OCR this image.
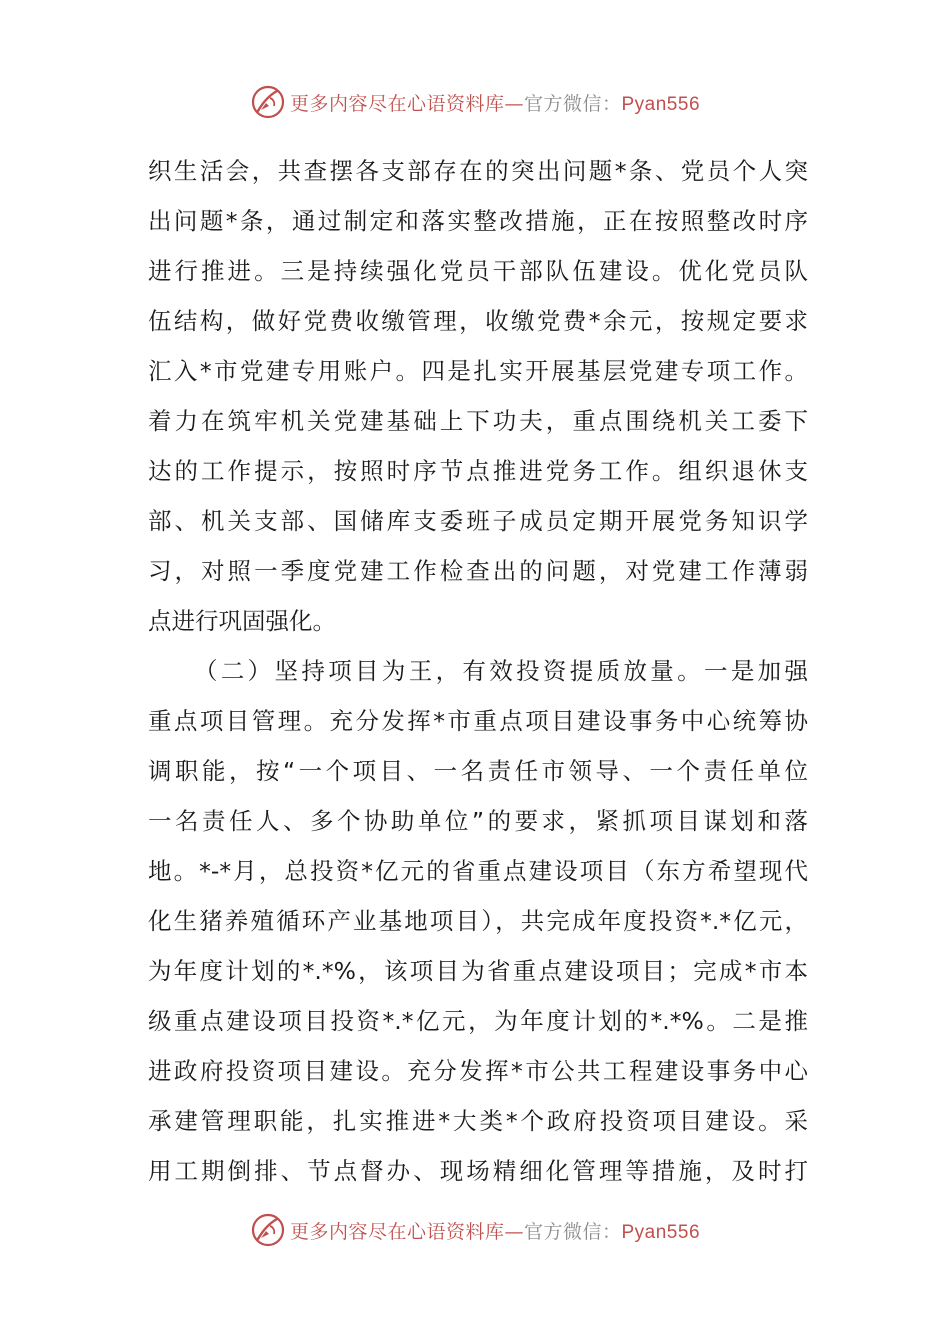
更多内容尽在心语资料库—官方微信：Pyan556
织生活会，共查摆各支部存在的突出问题*条、党员个人突
出问题*条，通过制定和落实整改措施，正在按照整改时序
进行推进。三是持续强化党员干部队伍建设。优化党员队
伍结构，做好党费收缴管理，收缴党费*余元，按规定要求
汇入*市党建专用账户。四是扎实开展基层党建专项工作。
着力在筑牢机关党建基础上下功夫，重点围绕机关工委下
达的工作提示，按照时序节点推进党务工作。组织退休支
部、机关支部、国储库支委班子成员定期开展党务知识学
习，对照一季度党建工作检查出的问题，对党建工作薄弱
点进行巩固强化。
（二）坚持项目为王，有效投资提质放量。一是加强
重点项目管理。充分发挥*市重点项目建设事务中心统筹协
调职能，按“一个项目、一名责任市领导、一个责任单位
一名责任人、多个协助单位”的要求，紧抓项目谋划和落
地。*-*月，总投资*亿元的省重点建设项目（东方希望现代
化生猪养殖循环产业基地项目），共完成年度投资*.*亿元，
为年度计划的*.*%，该项目为省重点建设项目；完成*市本
级重点建设项目投资*.*亿元，为年度计划的*.*%。二是推
进政府投资项目建设。充分发挥*市公共工程建设事务中心
承建管理职能，扎实推进*大类*个政府投资项目建设。采
用工期倒排、节点督办、现场精细化管理等措施，及时打
更多内容尽在心语资料库—官方微信：Pyan556
